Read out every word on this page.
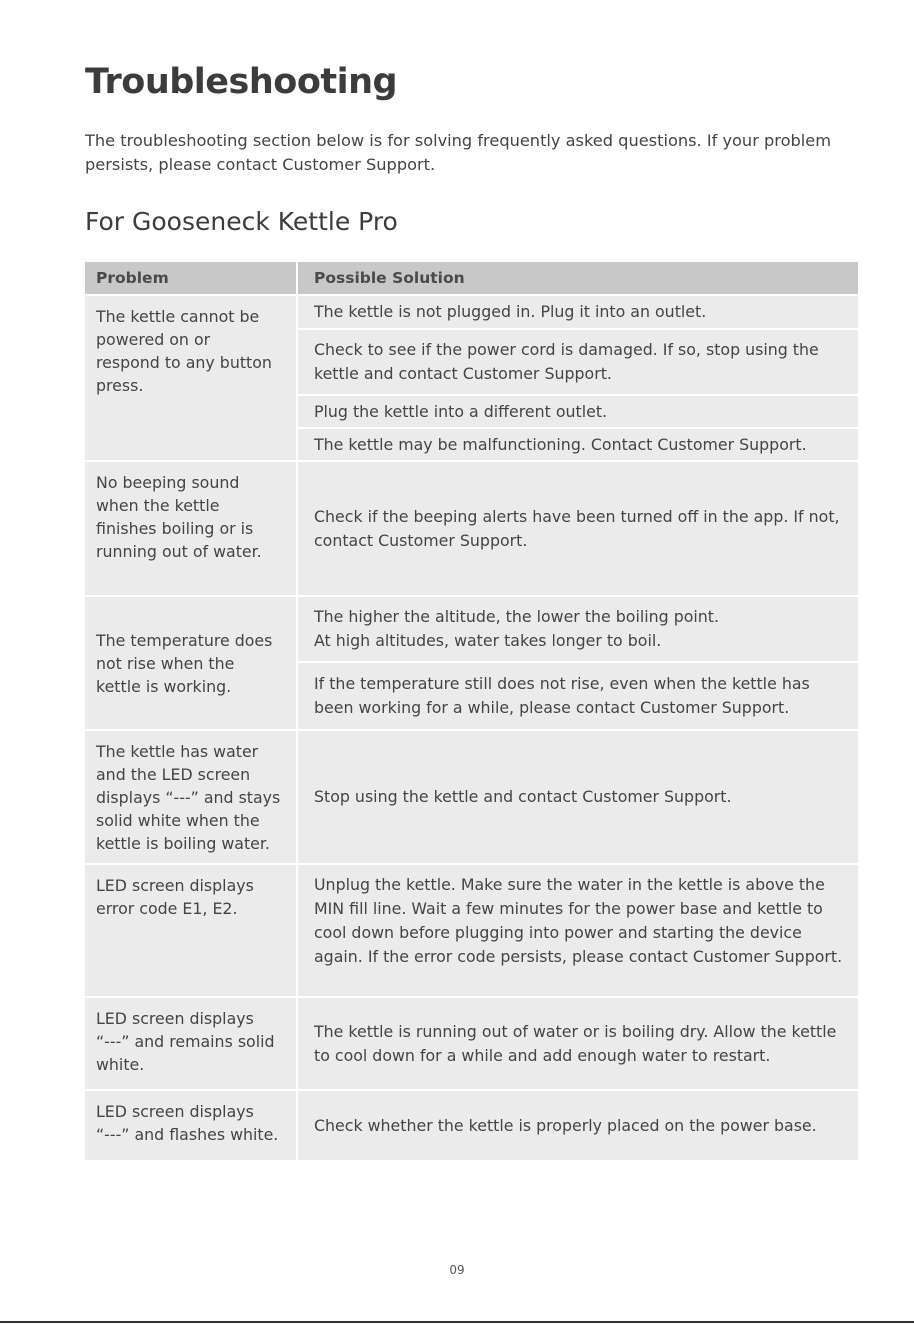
Troubleshooting

The troubleshooting section below is for solving frequently asked questions. If your problem persists, please contact Customer Support.

For Gooseneck Kettle Pro
Problem	Possible Solution
The kettle cannot be
powered on or
respond to any button
press.
The kettle is not plugged in. Plug it into an outlet.
Check to see if the power cord is damaged. If so, stop using the kettle and contact Customer Support.
Plug the kettle into a different outlet.
The kettle may be malfunctioning. Contact Customer Support.
No beeping sound
when the kettle
finishes boiling or is
running out of water.
Check if the beeping alerts have been turned off in the app. If not, contact Customer Support.
The temperature does
not rise when the
kettle is working.
The higher the altitude, the lower the boiling point.
At high altitudes, water takes longer to boil.
If the temperature still does not rise, even when the kettle has been working for a while, please contact Customer Support.
The kettle has water
and the LED screen
displays “---” and stays
solid white when the
kettle is boiling water.
Stop using the kettle and contact Customer Support.
LED screen displays
error code E1, E2.
Unplug the kettle. Make sure the water in the kettle is above the MIN fill line. Wait a few minutes for the power base and kettle to cool down before plugging into power and starting the device again. If the error code persists, please contact Customer Support.
LED screen displays
“---” and remains solid
white.
The kettle is running out of water or is boiling dry. Allow the kettle to cool down for a while and add enough water to restart.
LED screen displays
“---” and flashes white.	Check whether the kettle is properly placed on the power base.
09
